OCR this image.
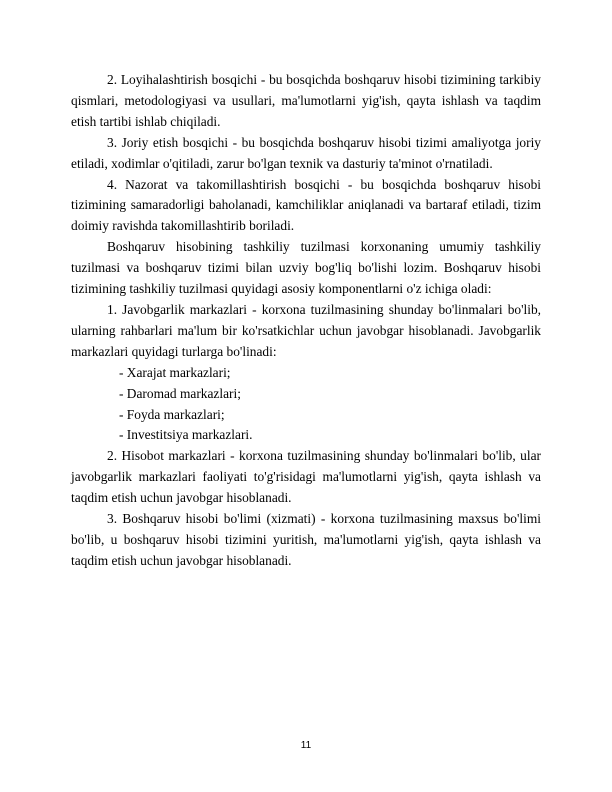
2. Loyihalashtirish bosqichi - bu bosqichda boshqaruv hisobi tizimining tarkibiy qismlari, metodologiyasi va usullari, ma'lumotlarni yig'ish, qayta ishlash va taqdim etish tartibi ishlab chiqiladi.

3. Joriy etish bosqichi - bu bosqichda boshqaruv hisobi tizimi amaliyotga joriy etiladi, xodimlar o'qitiladi, zarur bo'lgan texnik va dasturiy ta'minot o'rnatiladi.

4. Nazorat va takomillashtirish bosqichi - bu bosqichda boshqaruv hisobi tizimining samaradorligi baholanadi, kamchiliklar aniqlanadi va bartaraf etiladi, tizim doimiy ravishda takomillashtirib boriladi.

Boshqaruv hisobining tashkiliy tuzilmasi korxonaning umumiy tashkiliy tuzilmasi va boshqaruv tizimi bilan uzviy bog'liq bo'lishi lozim. Boshqaruv hisobi tizimining tashkiliy tuzilmasi quyidagi asosiy komponentlarni o'z ichiga oladi:

1. Javobgarlik markazlari - korxona tuzilmasining shunday bo'linmalari bo'lib, ularning rahbarlari ma'lum bir ko'rsatkichlar uchun javobgar hisoblanadi. Javobgarlik markazlari quyidagi turlarga bo'linadi:

- Xarajat markazlari;

- Daromad markazlari;

- Foyda markazlari;

- Investitsiya markazlari.

2. Hisobot markazlari - korxona tuzilmasining shunday bo'linmalari bo'lib, ular javobgarlik markazlari faoliyati to'g'risidagi ma'lumotlarni yig'ish, qayta ishlash va taqdim etish uchun javobgar hisoblanadi.

3. Boshqaruv hisobi bo'limi (xizmati) - korxona tuzilmasining maxsus bo'limi bo'lib, u boshqaruv hisobi tizimini yuritish, ma'lumotlarni yig'ish, qayta ishlash va taqdim etish uchun javobgar hisoblanadi.

11
